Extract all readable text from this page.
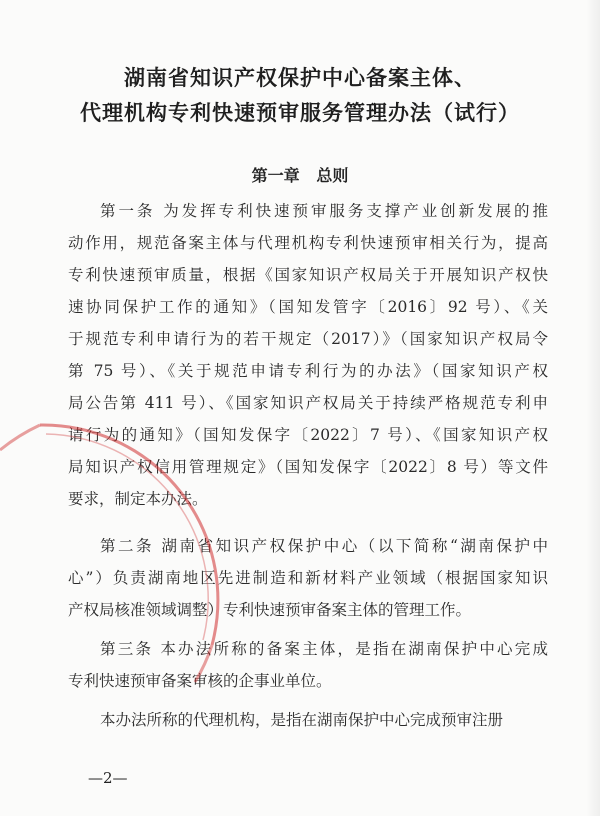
湖南省知识产权保护中心备案主体、
代理机构专利快速预审服务管理办法（试行）
第一章   总则
第一条 为发挥专利快速预审服务支撑产业创新发展的推
动作用，规范备案主体与代理机构专利快速预审相关行为，提高
专利快速预审质量，根据《国家知识产权局关于开展知识产权快
速协同保护工作的通知》（国知发管字〔2016〕92 号）、《关
于规范专利申请行为的若干规定（2017）》（国家知识产权局令
第 75 号）、《关于规范申请专利行为的办法》（国家知识产权
局公告第 411 号）、《国家知识产权局关于持续严格规范专利申
请行为的通知》（国知发保字〔2022〕7 号）、《国家知识产权
局知识产权信用管理规定》（国知发保字〔2022〕8 号）等文件
要求，制定本办法。
第二条 湖南省知识产权保护中心（以下简称“湖南保护中
心”）负责湖南地区先进制造和新材料产业领域（根据国家知识
产权局核准领域调整）专利快速预审备案主体的管理工作。
第三条 本办法所称的备案主体，是指在湖南保护中心完成
专利快速预审备案审核的企事业单位。
本办法所称的代理机构，是指在湖南保护中心完成预审注册
—2—
